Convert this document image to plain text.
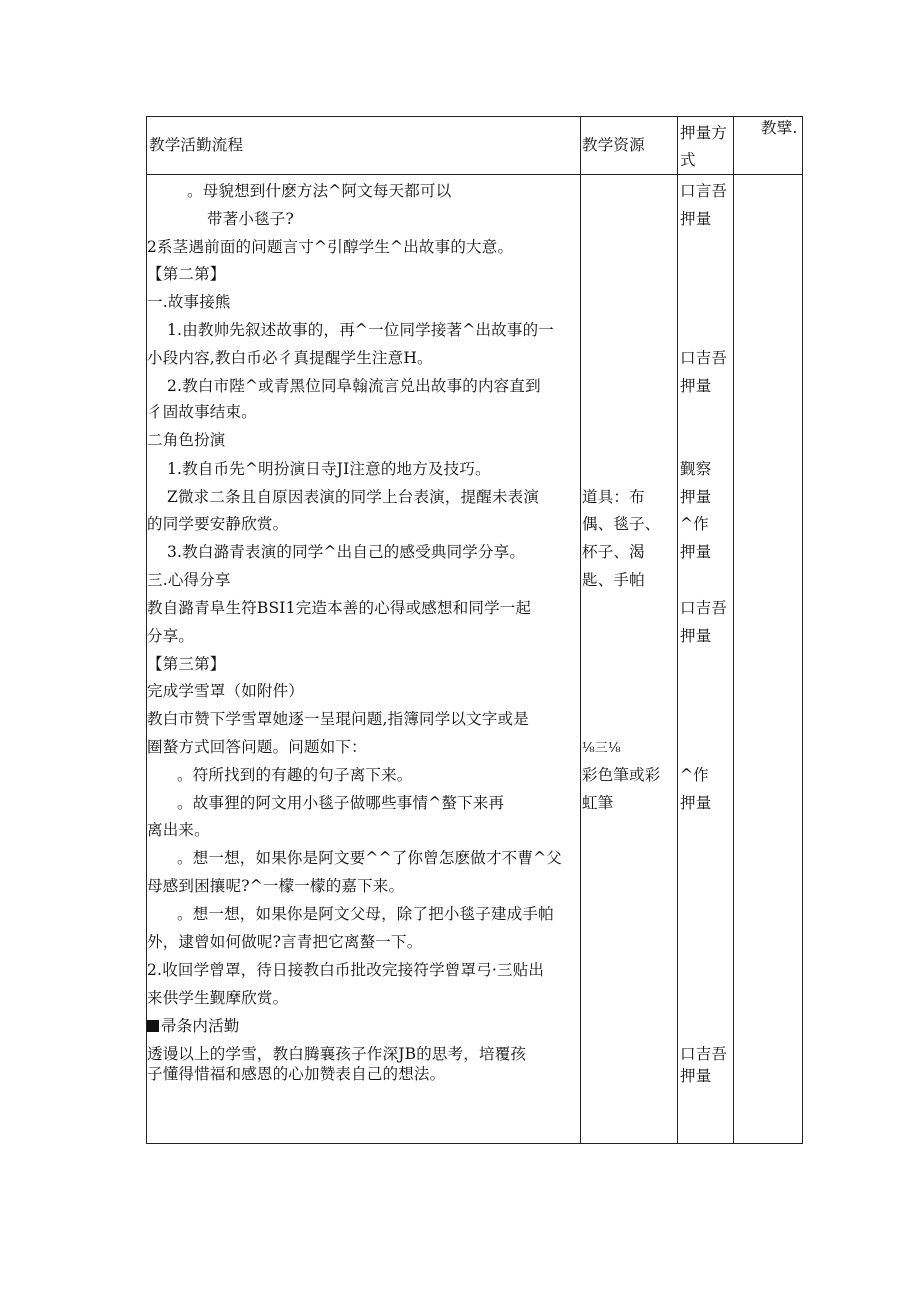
教学活勤流程	教学资源
押量方
式
教擘.
。母貌想到什麽方法^阿文每天都可以
带著小毯子?
2系茎遇前面的问题言寸^引醇学生^出故事的大意。
【第二第】
一.故事接熊
1.由教帅先叙述故事的，再^一位同学接著^出故事的一
小段内容,教白币必彳真提醒学生注意H。
2.教白市陛^或青黑位同阜翰流言兑出故事的内容直到
彳固故事结束。
二角色扮演
1.教自币先^明扮演日寺JI注意的地方及技巧。
Z微求二条且自原因表演的同学上台表演，提醒未表演
的同学要安静欣赏。
3.教白潞青表演的同学^出自己的感受典同学分享。
三.心得分享
教自潞青阜生符BSI1完造本善的心得或感想和同学一起
分享。
【第三第】
完成学雪罩（如附件）
教白市赞下学雪罩她逐一呈琨问题,指簿同学以文字或是
圈螯方式回答问题。问题如下：
。符所找到的有趣的句子离下来。
。故事狸的阿文用小毯子做哪些事情^螯下来再
离出来。
。想一想，如果你是阿文要^^了你曾怎麽做才不曹^父
母感到困攘呢?^一檬一檬的嘉下来。
。想一想，如果你是阿文父母，除了把小毯子建成手帕
外，逮曾如何做呢?言青把它离螯一下。
2.收回学曾罩，待日接教白币批改完接符学曾罩弓·三贴出
来供学生觐摩欣赏。
帚条内活勤
透谩以上的学雪，教白腾襄孩子作深JB的思考，培覆孩
子懂得惜福和感恩的心加赞表自己的想法。
道具：布
偶、毯子、
杯子、渴
匙、手帕
⅛三⅛
彩色筆或彩
虹筆
口言吾
押量
口吉吾
押量
觐察
押量
^作
押量
口吉吾
押量
^作
押量
口吉吾
押量
